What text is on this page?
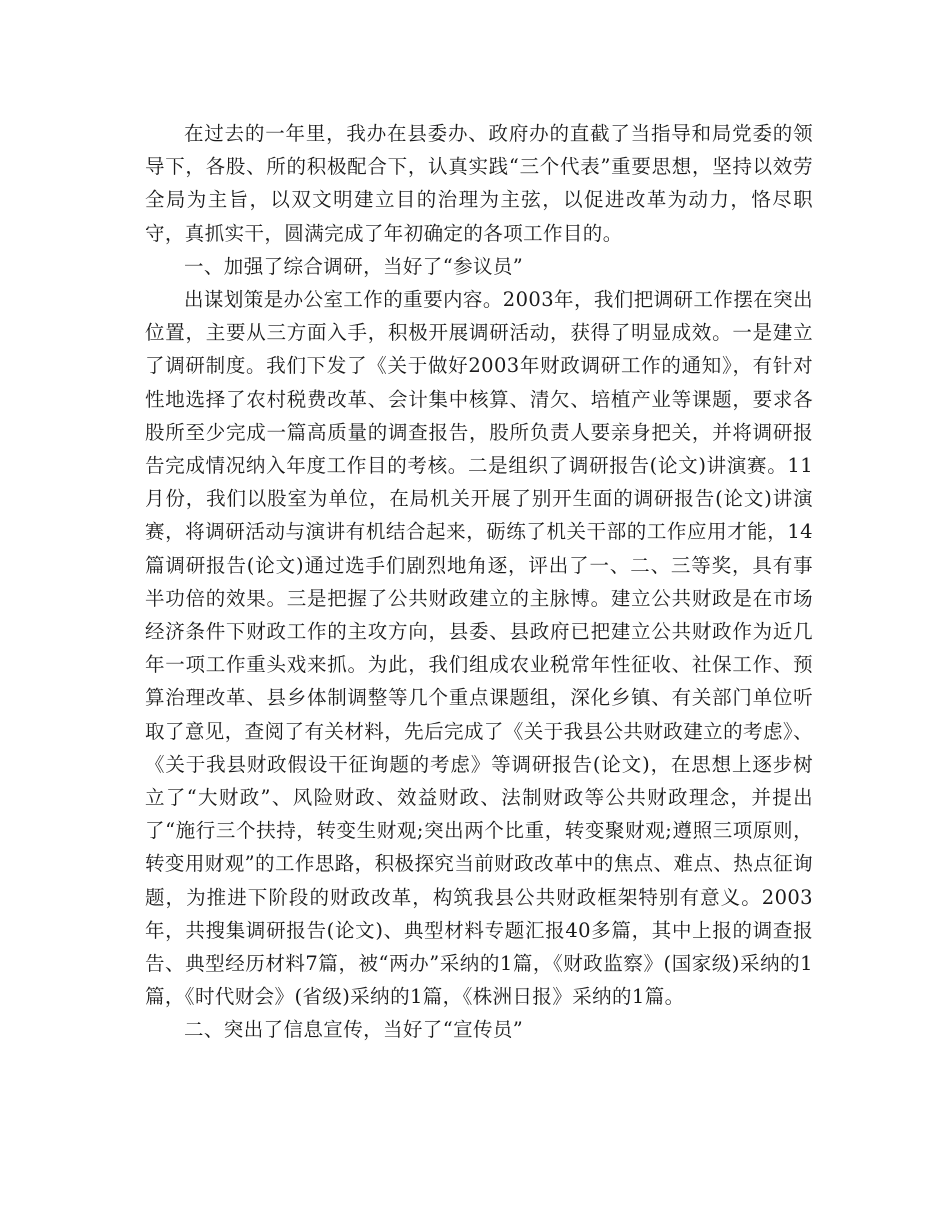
在过去的一年里，我办在县委办、政府办的直截了当指导和局党委的领导下，各股、所的积极配合下，认真实践“三个代表”重要思想，坚持以效劳全局为主旨，以双文明建立目的治理为主弦，以促进改革为动力，恪尽职守，真抓实干，圆满完成了年初确定的各项工作目的。

一、加强了综合调研，当好了“参议员”

出谋划策是办公室工作的重要内容。2003年，我们把调研工作摆在突出位置，主要从三方面入手，积极开展调研活动，获得了明显成效。一是建立了调研制度。我们下发了《关于做好2003年财政调研工作的通知》，有针对性地选择了农村税费改革、会计集中核算、清欠、培植产业等课题，要求各股所至少完成一篇高质量的调查报告，股所负责人要亲身把关，并将调研报告完成情况纳入年度工作目的考核。二是组织了调研报告(论文)讲演赛。11月份，我们以股室为单位，在局机关开展了别开生面的调研报告(论文)讲演赛，将调研活动与演讲有机结合起来，砺练了机关干部的工作应用才能，14篇调研报告(论文)通过选手们剧烈地角逐，评出了一、二、三等奖，具有事半功倍的效果。三是把握了公共财政建立的主脉博。建立公共财政是在市场经济条件下财政工作的主攻方向，县委、县政府已把建立公共财政作为近几年一项工作重头戏来抓。为此，我们组成农业税常年性征收、社保工作、预算治理改革、县乡体制调整等几个重点课题组，深化乡镇、有关部门单位听取了意见，查阅了有关材料，先后完成了《关于我县公共财政建立的考虑》、《关于我县财政假设干征询题的考虑》等调研报告(论文)，在思想上逐步树立了“大财政”、风险财政、效益财政、法制财政等公共财政理念，并提出了“施行三个扶持，转变生财观;突出两个比重，转变聚财观;遵照三项原则，转变用财观”的工作思路，积极探究当前财政改革中的焦点、难点、热点征询题，为推进下阶段的财政改革，构筑我县公共财政框架特别有意义。2003年，共搜集调研报告(论文)、典型材料专题汇报40多篇，其中上报的调查报告、典型经历材料7篇，被“两办”采纳的1篇，《财政监察》(国家级)采纳的1篇，《时代财会》(省级)采纳的1篇，《株洲日报》采纳的1篇。

二、突出了信息宣传，当好了“宣传员”
